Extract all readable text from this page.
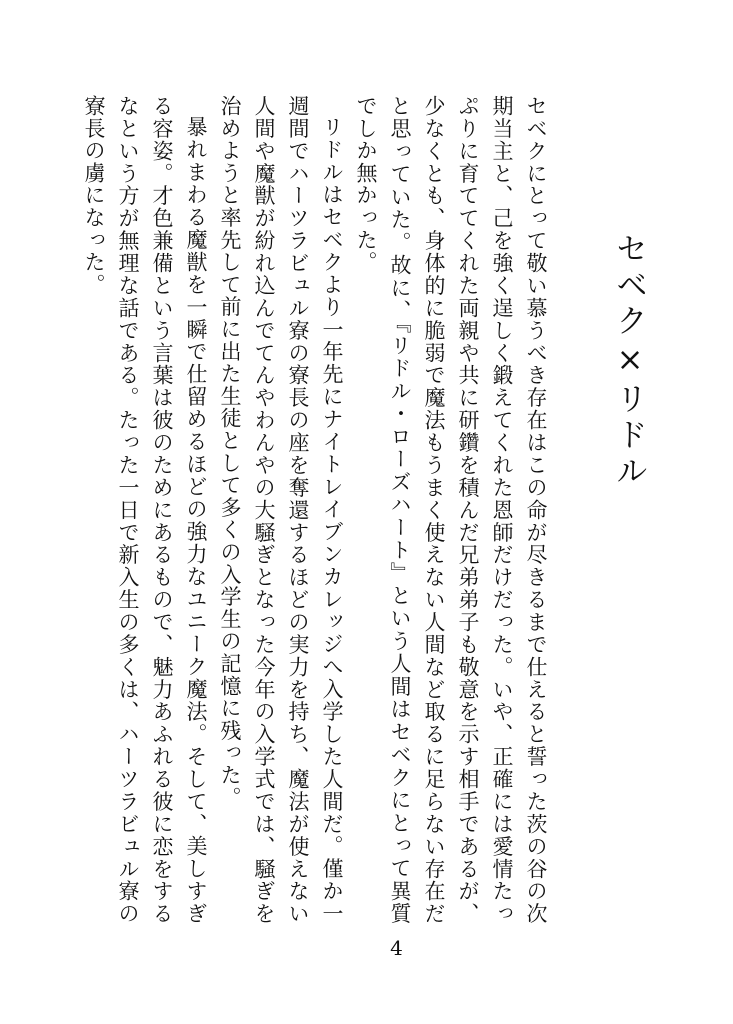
セベク×リドル

セベクにとって敬い慕うべき存在はこの命が尽きるまで仕えると誓った茨の谷の次期当主と、己を強く逞しく鍛えてくれた恩師だけだった。いや、正確には愛情たっぷりに育ててくれた両親や共に研鑽を積んだ兄弟弟子も敬意を示す相手であるが、少なくとも、身体的に脆弱で魔法もうまく使えない人間など取るに足らない存在だと思っていた。故に、『リドル・ローズハート』という人間はセベクにとって異質でしか無かった。

リドルはセベクより一年先にナイトレイブンカレッジへ入学した人間だ。僅か一週間でハーツラビュル寮の寮長の座を奪還するほどの実力を持ち、魔法が使えない人間や魔獣が紛れ込んでてんやわんやの大騒ぎとなった今年の入学式では、騒ぎを治めようと率先して前に出た生徒として多くの入学生の記憶に残った。

暴れまわる魔獣を一瞬で仕留めるほどの強力なユニーク魔法。そして、美しすぎる容姿。才色兼備という言葉は彼のためにあるもので、魅力あふれる彼に恋をするなという方が無理な話である。たった一日で新入生の多くは、ハーツラビュル寮の寮長の虜になった。

4
